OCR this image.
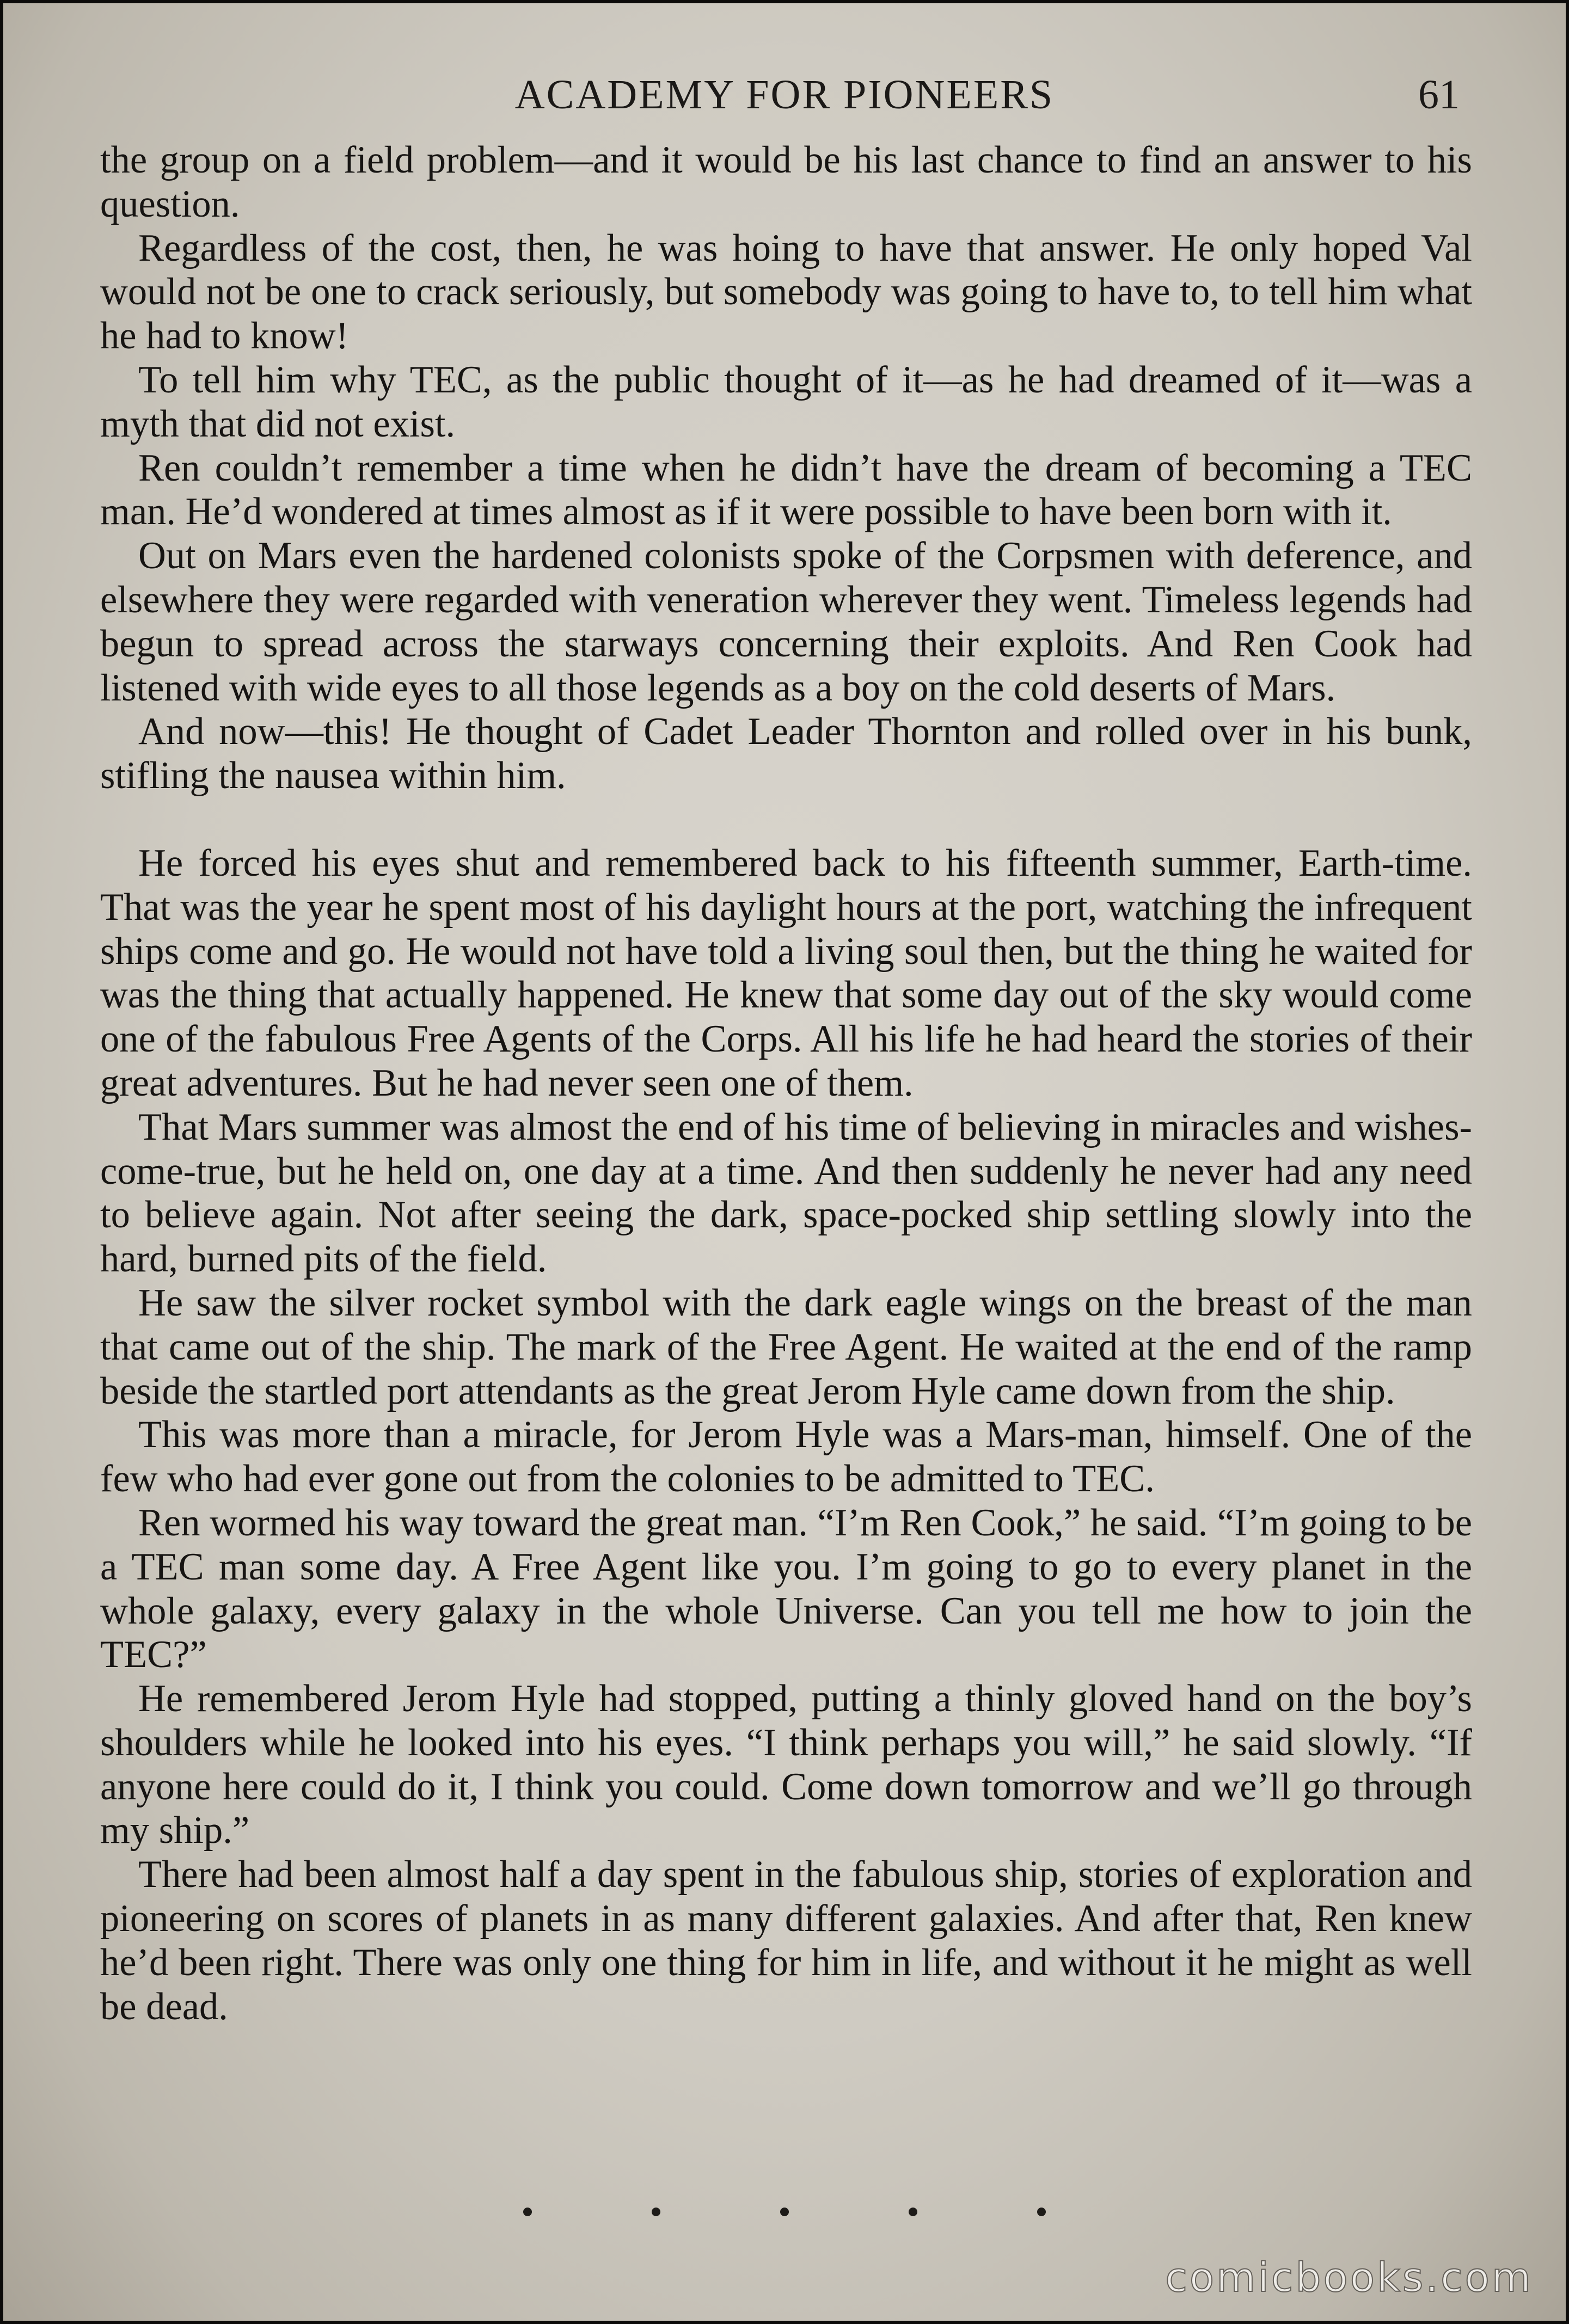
ACADEMY FOR PIONEERS	61

the group on a field problem—and it would be his last chance to find an answer to his question.

Regardless of the cost, then, he was hoing to have that answer. He only hoped Val would not be one to crack seriously, but somebody was going to have to, to tell him what he had to know!

To tell him why TEC, as the public thought of it—as he had dreamed of it—was a myth that did not exist.

Ren couldn’t remember a time when he didn’t have the dream of becoming a TEC man. He’d wondered at times almost as if it were possible to have been born with it.

Out on Mars even the hardened colonists spoke of the Corpsmen with deference, and elsewhere they were regarded with veneration wherever they went. Timeless legends had begun to spread across the starways concerning their exploits. And Ren Cook had listened with wide eyes to all those legends as a boy on the cold deserts of Mars.

And now—this! He thought of Cadet Leader Thornton and rolled over in his bunk, stifling the nausea within him.

He forced his eyes shut and remembered back to his fifteenth summer, Earth-time. That was the year he spent most of his daylight hours at the port, watching the infrequent ships come and go. He would not have told a living soul then, but the thing he waited for was the thing that actually happened. He knew that some day out of the sky would come one of the fabulous Free Agents of the Corps. All his life he had heard the stories of their great adventures. But he had never seen one of them.

That Mars summer was almost the end of his time of believing in miracles and wishes-come-true, but he held on, one day at a time. And then suddenly he never had any need to believe again. Not after seeing the dark, space-pocked ship settling slowly into the hard, burned pits of the field.

He saw the silver rocket symbol with the dark eagle wings on the breast of the man that came out of the ship. The mark of the Free Agent. He waited at the end of the ramp beside the startled port attendants as the great Jerom Hyle came down from the ship.

This was more than a miracle, for Jerom Hyle was a Mars-man, himself. One of the few who had ever gone out from the colonies to be admitted to TEC.

Ren wormed his way toward the great man. “I’m Ren Cook,” he said. “I’m going to be a TEC man some day. A Free Agent like you. I’m going to go to every planet in the whole galaxy, every galaxy in the whole Universe. Can you tell me how to join the TEC?”

He remembered Jerom Hyle had stopped, putting a thinly gloved hand on the boy’s shoulders while he looked into his eyes. “I think perhaps you will,” he said slowly. “If anyone here could do it, I think you could. Come down tomorrow and we’ll go through my ship.”

There had been almost half a day spent in the fabulous ship, stories of exploration and pioneering on scores of planets in as many different galaxies. And after that, Ren knew he’d been right. There was only one thing for him in life, and without it he might as well be dead.

comicbooks.com
